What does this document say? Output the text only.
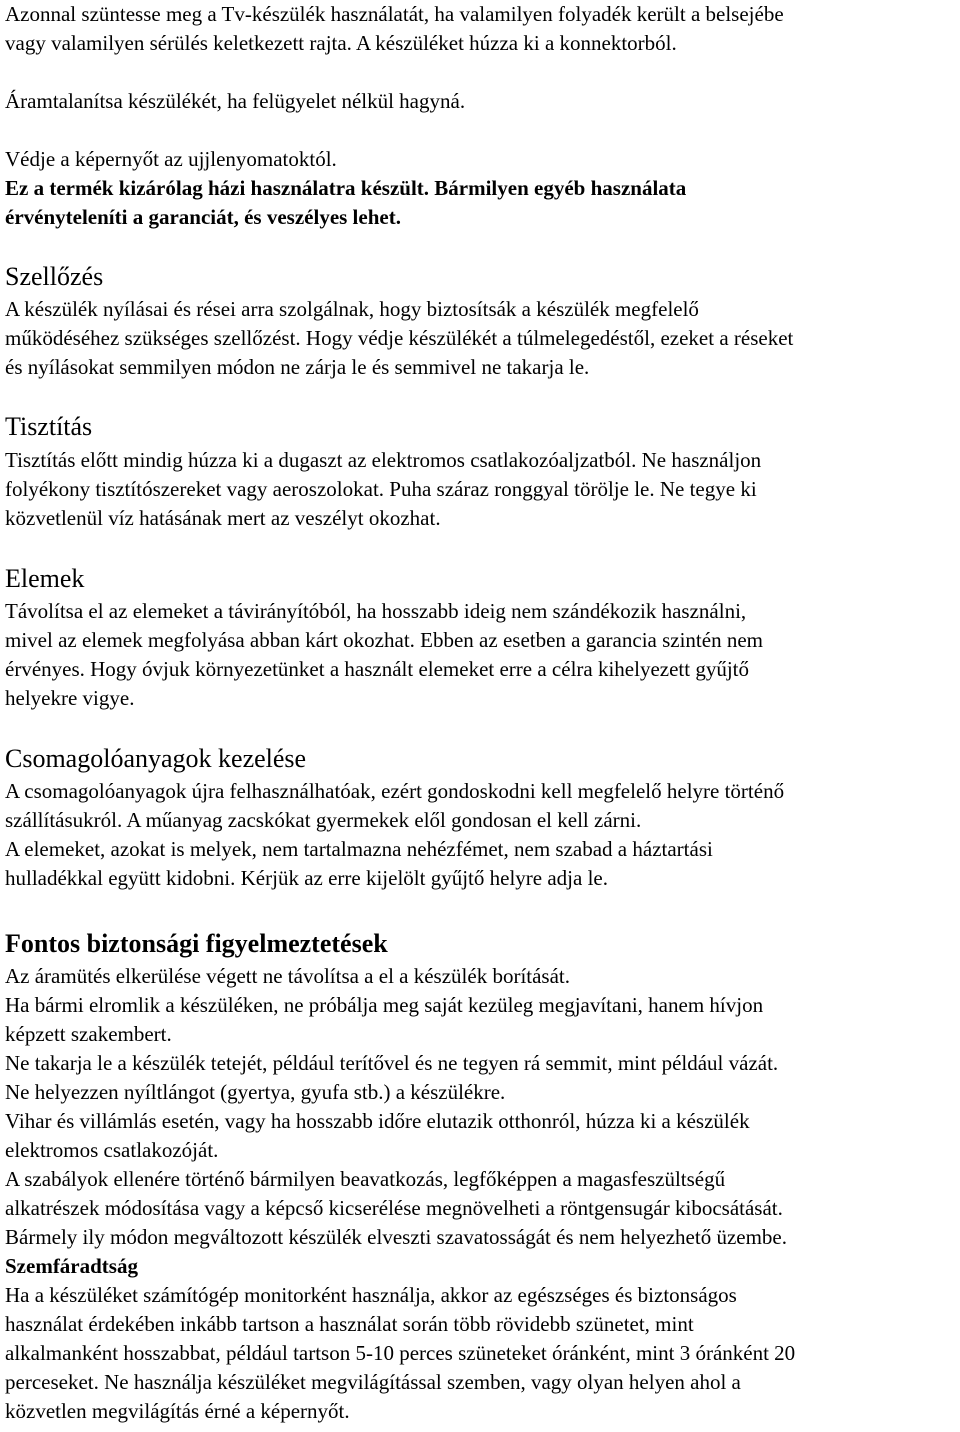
Azonnal szüntesse meg a Tv-készülék használatát, ha valamilyen folyadék került a belsejébe
vagy valamilyen sérülés keletkezett rajta. A készüléket húzza ki a konnektorból.
Áramtalanítsa készülékét, ha felügyelet nélkül hagyná.
Védje a képernyőt az ujjlenyomatoktól.
Ez a termék kizárólag házi használatra készült. Bármilyen egyéb használata
érvényteleníti a garanciát, és veszélyes lehet.
Szellőzés
A készülék nyílásai és rései arra szolgálnak, hogy biztosítsák a készülék megfelelő
működéséhez szükséges szellőzést. Hogy védje készülékét a túlmelegedéstől, ezeket a réseket
és nyílásokat semmilyen módon ne zárja le és semmivel ne takarja le.
Tisztítás
Tisztítás előtt mindig húzza ki a dugaszt az elektromos csatlakozóaljzatból. Ne használjon
folyékony tisztítószereket vagy aeroszolokat. Puha száraz ronggyal törölje le. Ne tegye ki
közvetlenül víz hatásának mert az veszélyt okozhat.
Elemek
Távolítsa el az elemeket a távirányítóból, ha hosszabb ideig nem szándékozik használni,
mivel az elemek megfolyása abban kárt okozhat. Ebben az esetben a garancia szintén nem
érvényes. Hogy óvjuk környezetünket a használt elemeket erre a célra kihelyezett gyűjtő
helyekre vigye.
Csomagolóanyagok kezelése
A csomagolóanyagok újra felhasználhatóak, ezért gondoskodni kell megfelelő helyre történő
szállításukról. A műanyag zacskókat gyermekek elől gondosan el kell zárni.
A elemeket, azokat is melyek, nem tartalmazna nehézfémet, nem szabad a háztartási
hulladékkal együtt kidobni. Kérjük az erre kijelölt gyűjtő helyre adja le.
Fontos biztonsági figyelmeztetések
Az áramütés elkerülése végett ne távolítsa a el a készülék borítását.
Ha bármi elromlik a készüléken, ne próbálja meg saját kezüleg megjavítani, hanem hívjon
képzett szakembert.
Ne takarja le a készülék tetejét, például terítővel és ne tegyen rá semmit, mint például vázát.
Ne helyezzen nyíltlángot (gyertya, gyufa stb.) a készülékre.
Vihar és villámlás esetén, vagy ha hosszabb időre elutazik otthonról, húzza ki a készülék
elektromos csatlakozóját.
A szabályok ellenére történő bármilyen beavatkozás, legfőképpen a magasfeszültségű
alkatrészek módosítása vagy a képcső kicserélése megnövelheti a röntgensugár kibocsátását.
Bármely ily módon megváltozott készülék elveszti szavatosságát és nem helyezhető üzembe.
Szemfáradtság
Ha a készüléket számítógép monitorként használja, akkor az egészséges és biztonságos
használat érdekében inkább tartson a használat során több rövidebb szünetet, mint
alkalmanként hosszabbat, például tartson 5-10 perces szüneteket óránként, mint 3 óránként 20
perceseket. Ne használja készüléket megvilágítással szemben, vagy olyan helyen ahol a
közvetlen megvilágítás érné a képernyőt.
